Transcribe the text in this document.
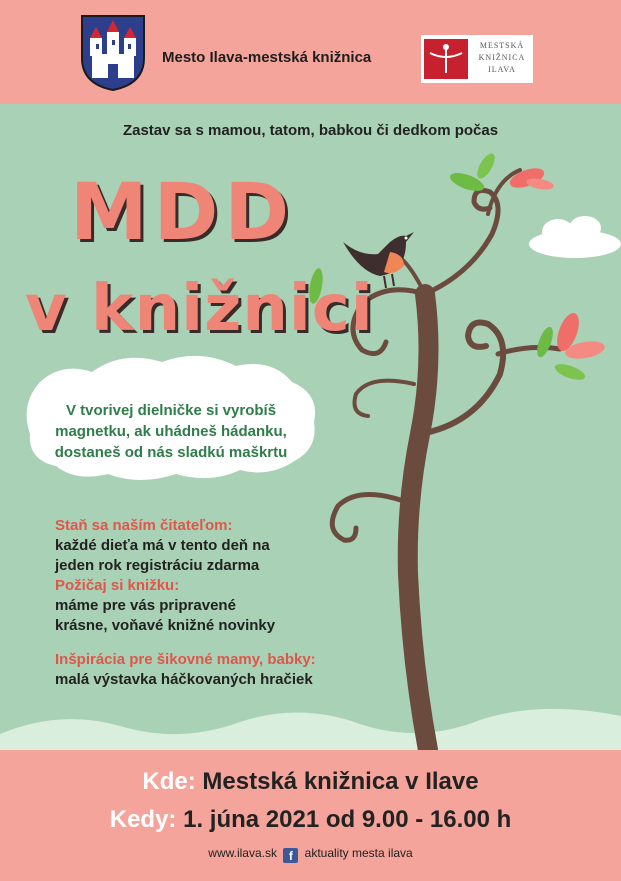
Mesto Ilava-mestská knižnica
MESTSKÁ
KNIŽNICA
ILAVA
Zastav sa s mamou, tatom, babkou či dedkom počas
MDD
v knižnici
V tvorivej dielničke si vyrobíš
magnetku, ak uhádneš hádanku,
dostaneš od nás sladkú maškrtu
Staň sa naším čitateľom:
každé dieťa má v tento deň na
jeden rok registráciu zdarma
Požičaj si knižku:
máme pre vás pripravené
krásne, voňavé knižné novinky
Inšpirácia pre šikovné mamy, babky:
malá výstavka háčkovaných hračiek
Kde: Mestská knižnica v Ilave
Kedy: 1. júna 2021 od 9.00 - 16.00 h
www.ilava.sk f aktuality mesta ilava
